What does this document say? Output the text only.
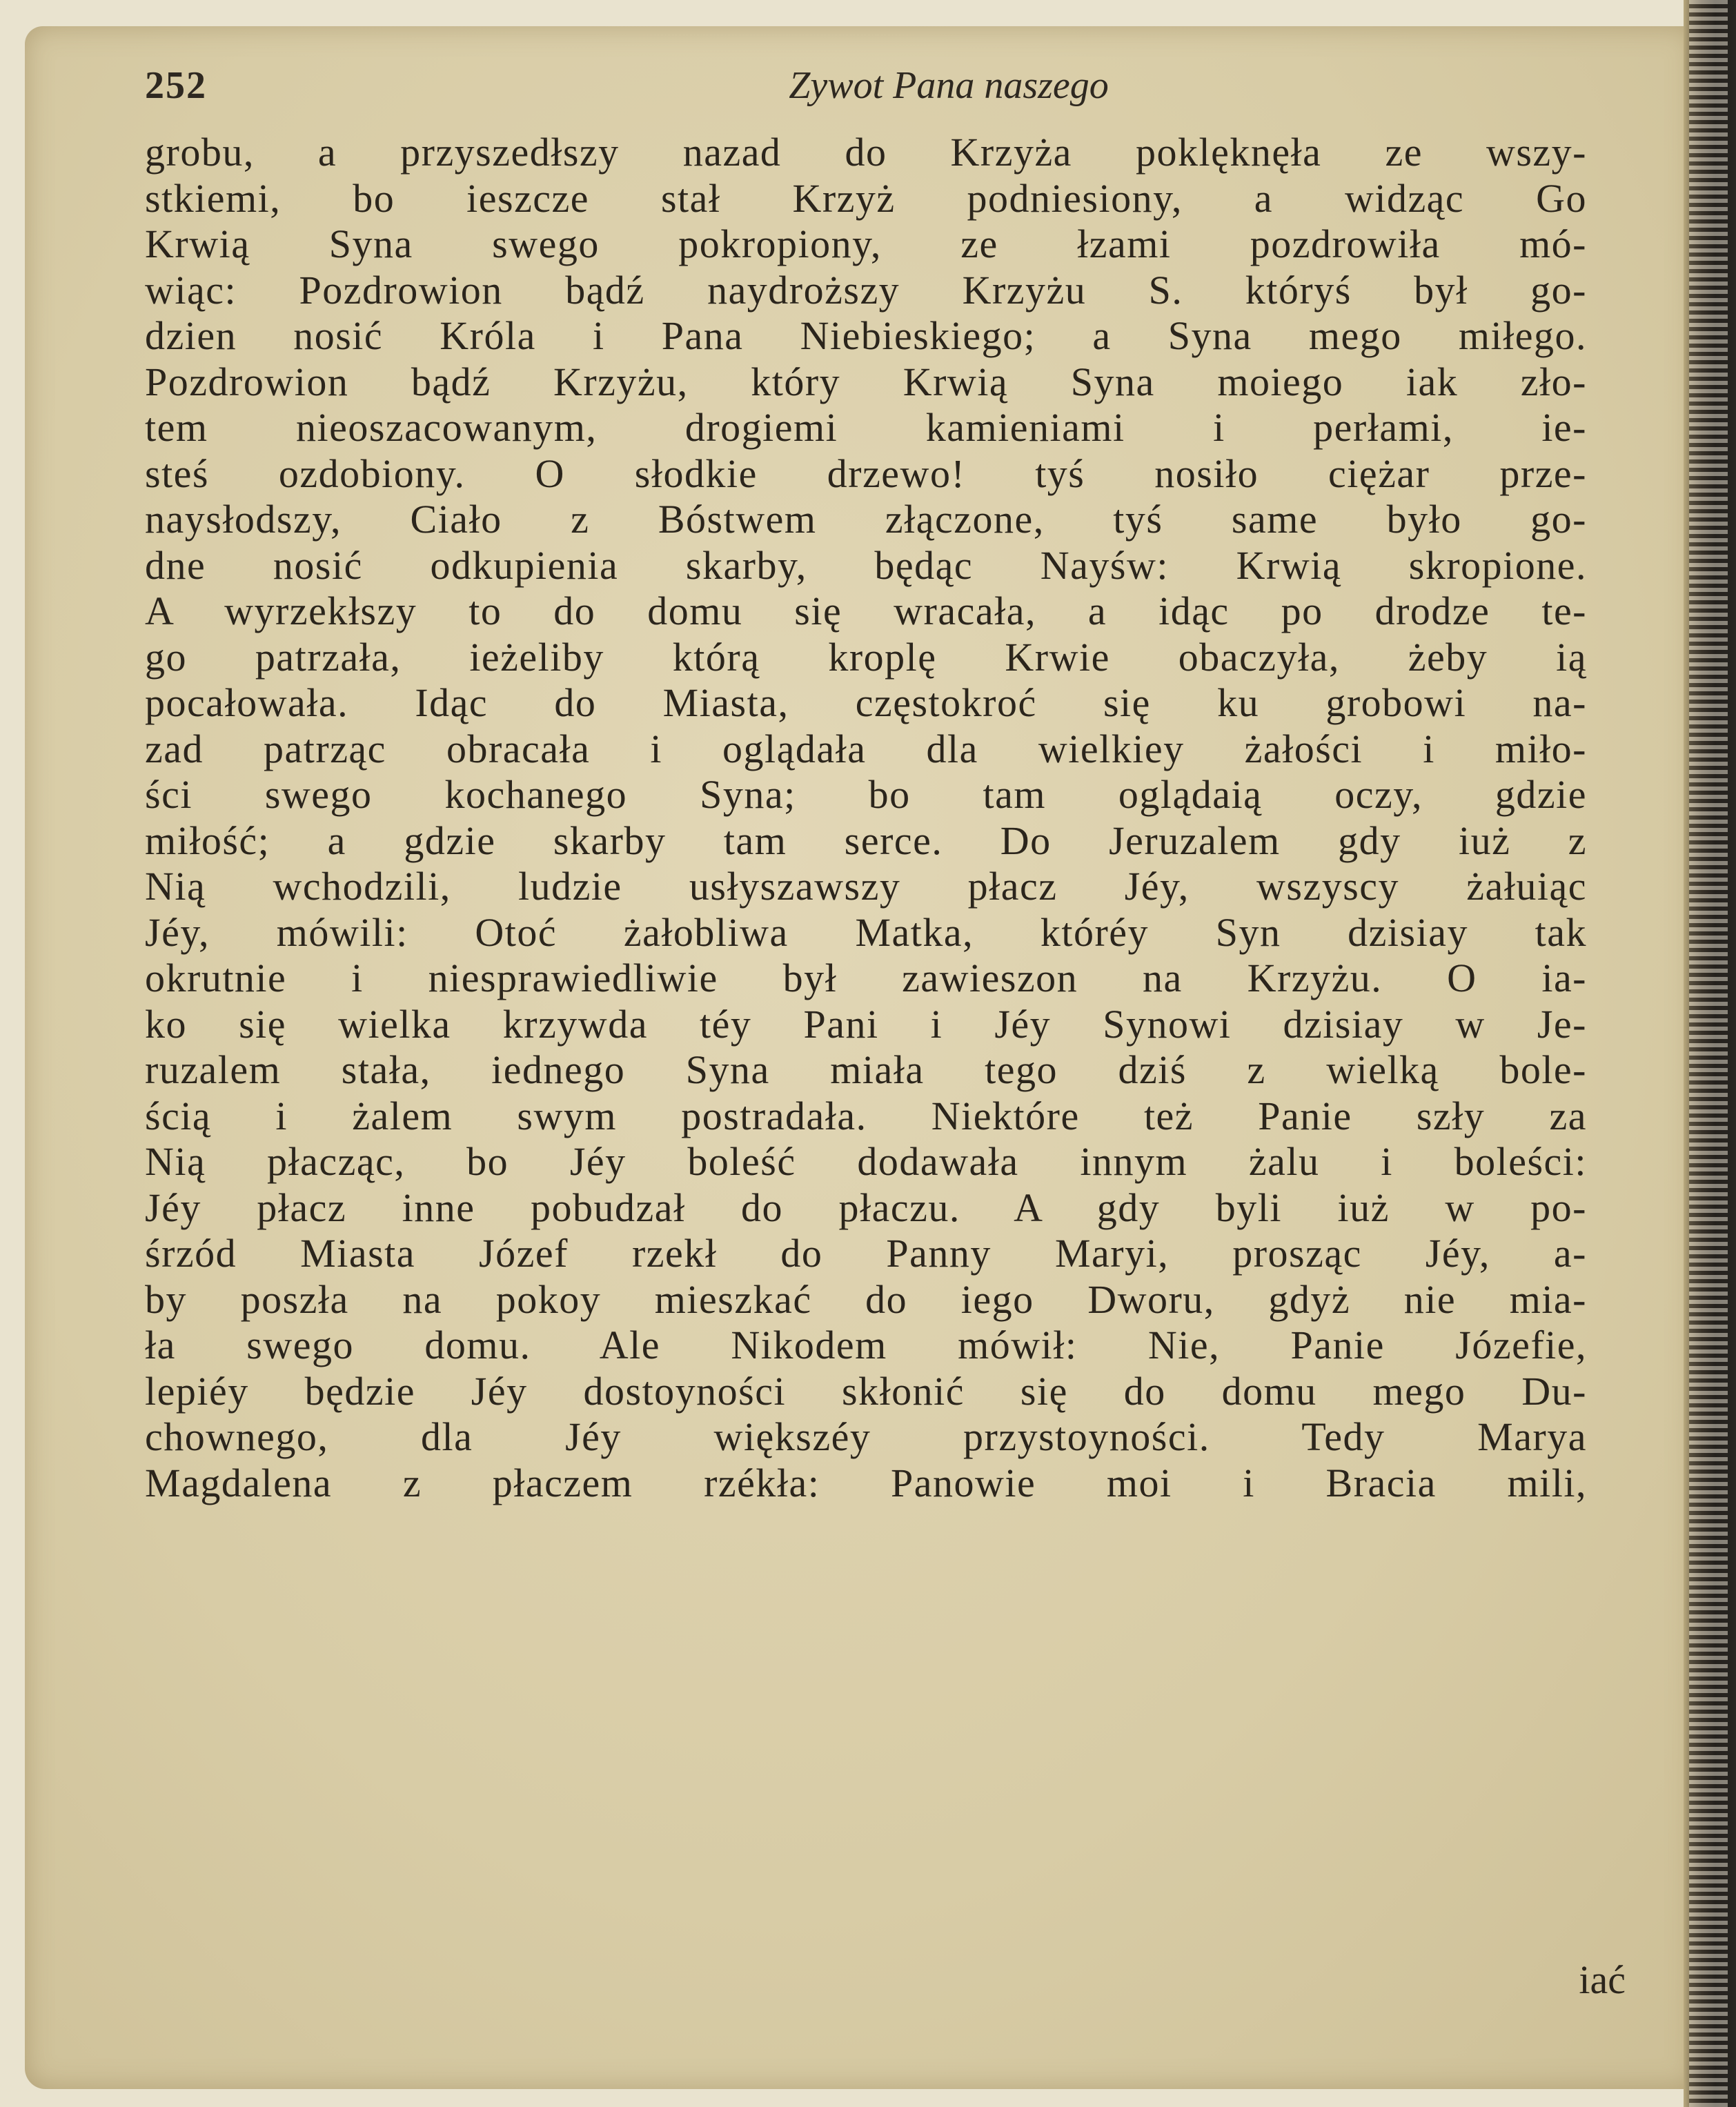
252	Zywot Pana naszego
grobu, a przyszedłszy nazad do Krzyża poklęknęła ze wszy-
stkiemi, bo ieszcze stał Krzyż podniesiony, a widząc Go
Krwią Syna swego pokropiony, ze łzami pozdrowiła mó-
wiąc: Pozdrowion bądź naydroższy Krzyżu S. któryś był go-
dzien nosić Króla i Pana Niebieskiego; a Syna mego miłego.
Pozdrowion bądź Krzyżu, który Krwią Syna moiego iak zło-
tem nieoszacowanym, drogiemi kamieniami i perłami, ie-
steś ozdobiony. O słodkie drzewo! tyś nosiło ciężar prze-
naysłodszy, Ciało z Bóstwem złączone, tyś same było go-
dne nosić odkupienia skarby, będąc Nayśw: Krwią skropione.
A wyrzekłszy to do domu się wracała, a idąc po drodze te-
go patrzała, ieżeliby którą kroplę Krwie obaczyła, żeby ią
pocałowała. Idąc do Miasta, częstokroć się ku grobowi na-
zad patrząc obracała i oglądała dla wielkiey żałości i miło-
ści swego kochanego Syna; bo tam oglądaią oczy, gdzie
miłość; a gdzie skarby tam serce. Do Jeruzalem gdy iuż z
Nią wchodzili, ludzie usłyszawszy płacz Jéy, wszyscy żałuiąc
Jéy, mówili: Otoć żałobliwa Matka, któréy Syn dzisiay tak
okrutnie i niesprawiedliwie był zawieszon na Krzyżu. O ia-
ko się wielka krzywda téy Pani i Jéy Synowi dzisiay w Je-
ruzalem stała, iednego Syna miała tego dziś z wielką bole-
ścią i żalem swym postradała. Niektóre też Panie szły za
Nią płacząc, bo Jéy boleść dodawała innym żalu i boleści:
Jéy płacz inne pobudzał do płaczu. A gdy byli iuż w po-
śrzód Miasta Józef rzekł do Panny Maryi, prosząc Jéy, a-
by poszła na pokoy mieszkać do iego Dworu, gdyż nie mia-
ła swego domu. Ale Nikodem mówił: Nie, Panie Józefie,
lepiéy będzie Jéy dostoyności skłonić się do domu mego Du-
chownego, dla Jéy większéy przystoyności. Tedy Marya
Magdalena z płaczem rzékła: Panowie moi i Bracia mili,
iać
